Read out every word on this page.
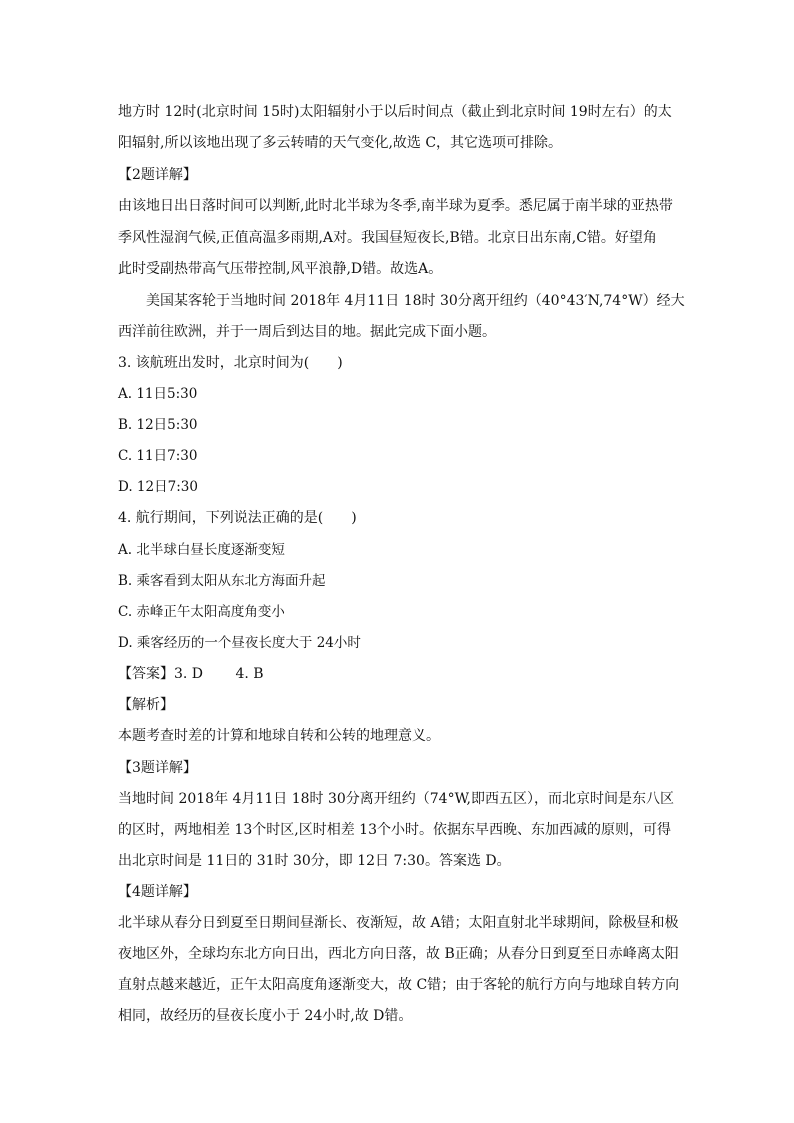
地方时 12时(北京时间 15时)太阳辐射小于以后时间点（截止到北京时间 19时左右）的太
阳辐射,所以该地出现了多云转晴的天气变化,故选 C，其它选项可排除。
【2题详解】
由该地日出日落时间可以判断,此时北半球为冬季,南半球为夏季。悉尼属于南半球的亚热带
季风性湿润气候,正值高温多雨期,A对。我国昼短夜长,B错。北京日出东南,C错。好望角
此时受副热带高气压带控制,风平浪静,D错。故选A。
美国某客轮于当地时间 2018年 4月11日 18时 30分离开纽约（40°43′N,74°W）经大
西洋前往欧洲，并于一周后到达目的地。据此完成下面小题。
3. 该航班出发时，北京时间为(　　)
A. 11日5:30
B. 12日5:30
C. 11日7:30
D. 12日7:30
4. 航行期间，下列说法正确的是(　　)
A. 北半球白昼长度逐渐变短
B. 乘客看到太阳从东北方海面升起
C. 赤峰正午太阳高度角变小
D. 乘客经历的一个昼夜长度大于 24小时
【答案】3. D　　 4. B
【解析】
本题考查时差的计算和地球自转和公转的地理意义。
【3题详解】
当地时间 2018年 4月11日 18时 30分离开纽约（74°W,即西五区），而北京时间是东八区
的区时，两地相差 13个时区,区时相差 13个小时。依据东早西晚、东加西减的原则，可得
出北京时间是 11日的 31时 30分，即 12日 7:30。答案选 D。
【4题详解】
北半球从春分日到夏至日期间昼渐长、夜渐短，故 A错；太阳直射北半球期间，除极昼和极
夜地区外，全球均东北方向日出，西北方向日落，故 B正确；从春分日到夏至日赤峰离太阳
直射点越来越近，正午太阳高度角逐渐变大，故 C错；由于客轮的航行方向与地球自转方向
相同，故经历的昼夜长度小于 24小时,故 D错。
